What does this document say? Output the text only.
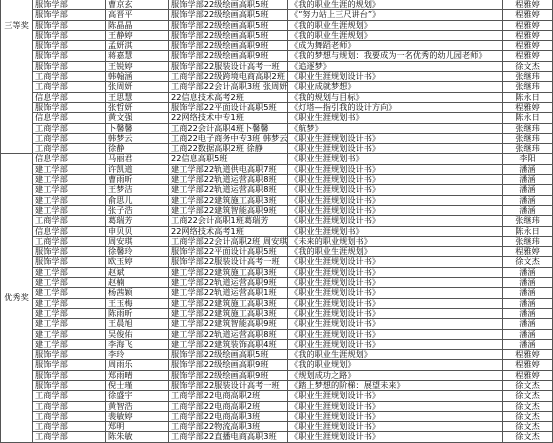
三等奖
服饰学部	曹京玄	服饰学部22级绘画高职5班	《我的职业生涯的规划》	程雅婷
服饰学部	高晋平	服饰学部22级绘画高职5班	《“努力站上三尺讲台”》	程雅婷
服饰学部	陈晶晶	服饰学部22级绘画高职5班	《我的职业生涯规划》	程雅婷
服饰学部	王静婷	服饰学部22级绘画高职5班	《我的职业生涯规划》	程雅婷
服饰学部	孟妍淇	服饰学部22级绘画高职9班	《成为舞蹈老师》	程雅婷
服饰学部	蒋嘉慧	服饰学部22级绘画高职9班	《我的梦想与规划：我要成为一名优秀的幼儿园老师》	程雅婷
服饰学部	王锐婷	服饰学部22服装设计高考一班	《追逐梦》	徐文杰
工商学部	韩翰涵	工商学部22级跨境电商高职2班 《职业生涯规划设计书》	张继玮
工商学部	张周妍	工商学部22会计高职3班 张周妍 《职业成就梦想》	张继玮
信息学部	王思慧	22信息技术高考2班	《我的规划与目标》	陈永日
服饰学部	张哲妍	服饰学部22平面设计高职5班	《灯塔—指引我的设计方向》	程雅婷
信息学部	黄文强	22网络技术中专1班	《职业生涯规划书》	陈永日
工商学部	卜馨馨	工商22会计高职4班卜馨馨	《航梦》	张继玮
工商学部	韩梦云	工商22电子商务中专3班 韩梦云 《职业生涯规划设计书》	张继玮
工商学部	徐静	工商22数据高职2班 徐静	《职业生涯规划设计书》	张继玮
优秀奖
信息学部	马丽君	22信息高职5班	《职业生涯规划书》	李阳
建工学部	许凯道	建工学部22轨道供电高职7班	《职业生涯规划设计书》	潘涵
建工学部	曹雨昕	建工学部22轨道运营高职8班	《职业生涯规划设计书》	潘涵
建工学部	王梦洁	建工学部22轨道运营高职8班	《职业生涯规划设计书》	潘涵
建工学部	俞思儿	建工学部22建筑施工高职3班	《职业生涯规划设计书》	潘涵
建工学部	张子浩	建工学部22建筑智能高职9班	《职业生涯规划设计书》	潘涵
工商学部	葛瑞芳	工商22会计高职1班葛瑞芳	《职业生涯规划设计书》	张继玮
信息学部	申贝贝	22网络技术高考1班	《职业生涯规划书》	陈永日
工商学部	周安琪	工商学部22会计高职2班 周安琪 《未来的职业规划书》	张继玮
服饰学部	徐馨玲	服饰学部22平面设计高职5班	《我的职业生涯规划》	程雅婷
服饰学部	欧玉婷	服饰学部22服装设计高考一班	《职业生涯规划设计书》	徐文杰
建工学部	赵斌	建工学部22建筑施工高职3班	《职业生涯规划设计书》	潘涵
建工学部	赵楠	建工学部22轨道运营高职9班	《职业生涯规划设计书》	潘涵
建工学部	杨茜颖	建工学部22轨道运营高职1班	《职业生涯规划设计书》	潘涵
建工学部	王玉梅	建工学部22建筑施工高职3班	《职业生涯规划设计书》	潘涵
建工学部	陈雨昕	建工学部22建筑施工高职3班	《职业生涯规划设计书》	潘涵
建工学部	王晨旭	建工学部22建筑智能高职9班	《职业生涯规划设计书》	潘涵
建工学部	吴俊佑	建工学部22轨道运营高职8班	《职业生涯规划设计书》	潘涵
建工学部	李海飞	建工学部22建筑装饰高职4班	《职业生涯规划设计书》	潘涵
服饰学部	李玲	服饰学部22级绘画高职5班	《我的职业生涯规划》	程雅婷
服饰学部	周雨乐	服饰学部22级绘画高职9班	《我的职业规划》	程雅婷
服饰学部	郑雨晴	服饰学部22级绘画高职9班	《规划成功之路》	程雅婷
服饰学部	倪士瑾	服饰学部22服装设计高考一班	《踏上梦想的阶梯：展望未来》	徐文杰
工商学部	徐盛宇	工商学部22电商高职2班	《职业生涯规划设计书》	徐文杰
工商学部	黄智浩	工商学部22电商高职2班	《职业生涯规划设计书》	徐文杰
工商学部	裴敏婷	工商学部22电商高职3班	《职业生涯规划设计书》	徐文杰
工商学部	郑明	工商学部22物流高职3班	《职业生涯规划设计书》	徐文杰
工商学部	陈朱敏	工商学部22直播电商高职3班	《职业生涯规划设计书》	徐文杰
